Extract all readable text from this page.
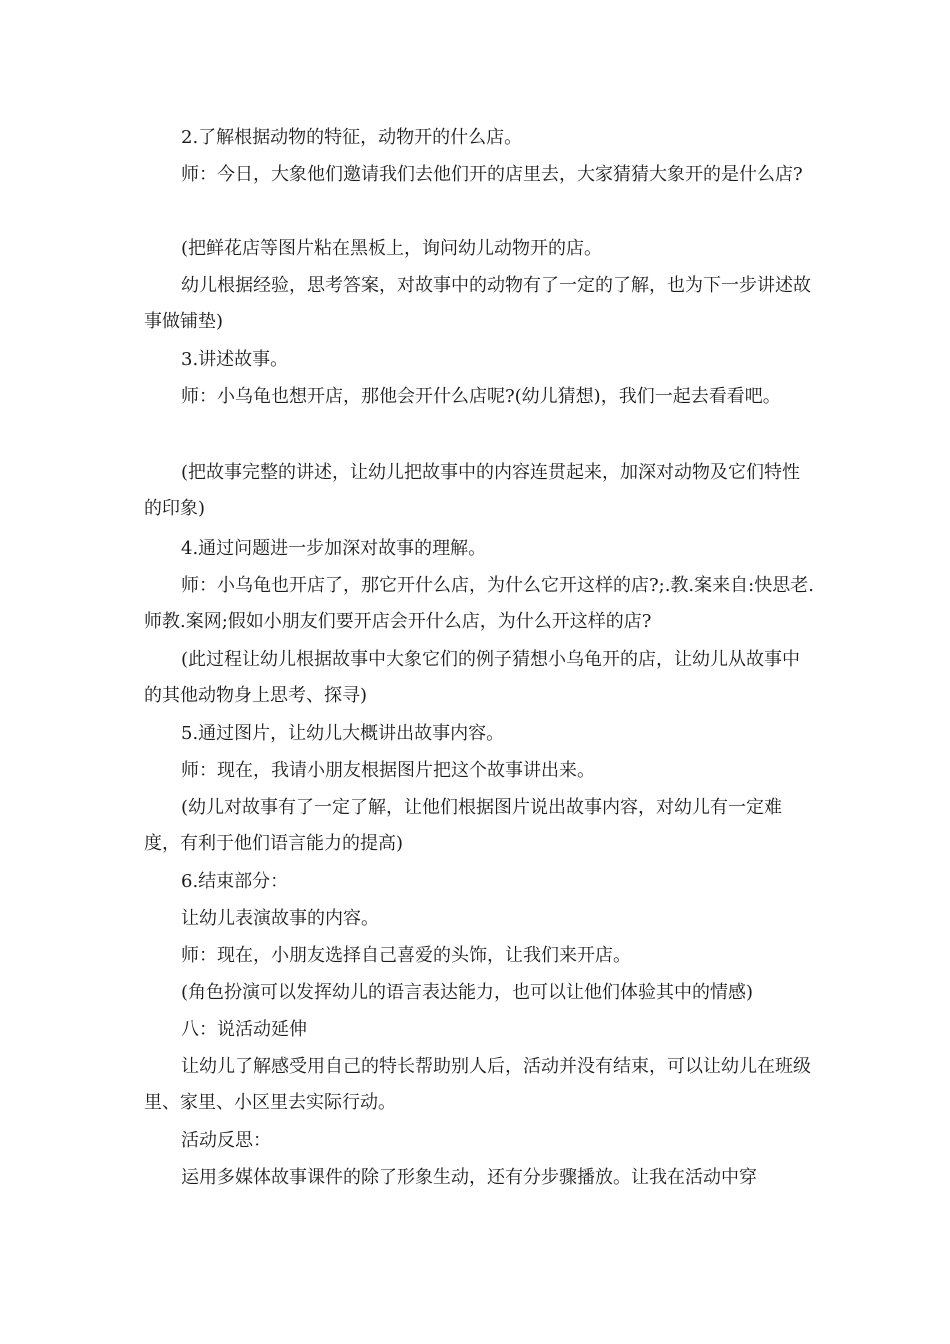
2.了解根据动物的特征，动物开的什么店。

师：今日，大象他们邀请我们去他们开的店里去，大家猜猜大象开的是什么店?

(把鲜花店等图片粘在黑板上，询问幼儿动物开的店。

幼儿根据经验，思考答案，对故事中的动物有了一定的了解，也为下一步讲述故事做铺垫)

3.讲述故事。

师：小乌龟也想开店，那他会开什么店呢?(幼儿猜想)，我们一起去看看吧。

(把故事完整的讲述，让幼儿把故事中的内容连贯起来，加深对动物及它们特性的印象)

4.通过问题进一步加深对故事的理解。

师：小乌龟也开店了，那它开什么店，为什么它开这样的店?;.教.案来自:快思老.师教.案网;假如小朋友们要开店会开什么店，为什么开这样的店?

(此过程让幼儿根据故事中大象它们的例子猜想小乌龟开的店，让幼儿从故事中的其他动物身上思考、探寻)

5.通过图片，让幼儿大概讲出故事内容。

师：现在，我请小朋友根据图片把这个故事讲出来。

(幼儿对故事有了一定了解，让他们根据图片说出故事内容，对幼儿有一定难度，有利于他们语言能力的提高)

6.结束部分：

让幼儿表演故事的内容。

师：现在，小朋友选择自己喜爱的头饰，让我们来开店。

(角色扮演可以发挥幼儿的语言表达能力，也可以让他们体验其中的情感)

八：说活动延伸

让幼儿了解感受用自己的特长帮助别人后，活动并没有结束，可以让幼儿在班级里、家里、小区里去实际行动。

活动反思：

运用多媒体故事课件的除了形象生动，还有分步骤播放。让我在活动中穿
